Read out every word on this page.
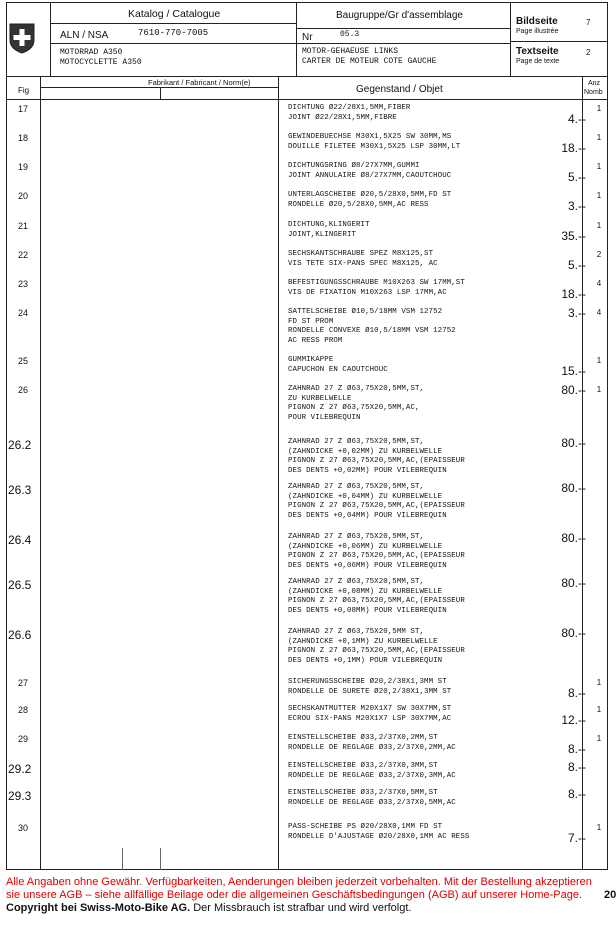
Katalog / Catalogue
ALN / NSA	7610-770-7005
MOTORRAD A350
MOTOCYCLETTE A350
Baugruppe/Gr d'assemblage
Nr	05.3
MOTOR-GEHAEUSE LINKS
CARTER DE MOTEUR COTE GAUCHE
Bildseite
Page illustrée
7
Textseite
Page de texte
2
Fig
Fabrikant / Fabricant / Norm(e)
Gegenstand / Objet
Anz
Nomb
17	DICHTUNG Ø22/28X1,5MM,FIBER
JOINT Ø22/28X1,5MM,FIBRE	4.--
1
18	GEWINDEBUECHSE M30X1,5X25 SW 30MM,MS
DOUILLE FILETEE M30X1,5X25 LSP 30MM,LT	18.--
1
19	DICHTUNGSRING Ø8/27X7MM,GUMMI
JOINT ANNULAIRE Ø8/27X7MM,CAOUTCHOUC	5.--
1
20	UNTERLAGSCHEIBE Ø20,5/28X0,5MM,FD ST
RONDELLE Ø20,5/28X0,5MM,AC RESS	3.--
1
21	DICHTUNG,KLINGERIT
JOINT,KLINGERIT	35.--
1
22	SECHSKANTSCHRAUBE SPEZ M8X125,ST
VIS TETE SIX-PANS SPEC M8X125, AC	5.--
2
23	BEFESTIGUNGSSCHRAUBE M10X263 SW 17MM,ST
VIS DE FIXATION M10X263 LSP 17MM,AC	18.--
4
24	SATTELSCHEIBE Ø10,5/18MM VSM 12752
FD ST PROM
RONDELLE CONVEXE Ø10,5/18MM VSM 12752
AC RESS PROM
3.--	4
25	GUMMIKAPPE
CAPUCHON EN CAOUTCHOUC	15.--
1
26	ZAHNRAD 27 Z Ø63,75X20,5MM,ST,
ZU KURBELWELLE
PIGNON Z 27 Ø63,75X20,5MM,AC,
POUR VILEBREQUIN
80.--	1
26.2	ZAHNRAD 27 Z Ø63,75X20,5MM,ST,
(ZAHNDICKE +0,02MM) ZU KURBELWELLE
PIGNON Z 27 Ø63,75X20,5MM,AC,(EPAISSEUR
DES DENTS +0,02MM) POUR VILEBREQUIN
80.--
26.3	ZAHNRAD 27 Z Ø63,75X20,5MM,ST,
(ZAHNDICKE +0,04MM) ZU KURBELWELLE
PIGNON Z 27 Ø63,75X20,5MM,AC,(EPAISSEUR
DES DENTS +0,04MM) POUR VILEBREQUIN
80.--
26.4	ZAHNRAD 27 Z Ø63,75X20,5MM,ST,
(ZAHNDICKE +0,06MM) ZU KURBELWELLE
PIGNON Z 27 Ø63,75X20,5MM,AC,(EPAISSEUR
DES DENTS +0,06MM) POUR VILEBREQUIN
80.--
26.5	ZAHNRAD 27 Z Ø63,75X20,5MM,ST,
(ZAHNDICKE +0,08MM) ZU KURBELWELLE
PIGNON Z 27 Ø63,75X20,5MM,AC,(EPAISSEUR
DES DENTS +0,08MM) POUR VILEBREQUIN
80.--
26.6	ZAHNRAD 27 Z Ø63,75X20,5MM ST,
(ZAHNDICKE +0,1MM) ZU KURBELWELLE
PIGNON Z 27 Ø63,75X20,5MM,AC,(EPAISSEUR
DES DENTS +0,1MM) POUR VILEBREQUIN
80.--
27	SICHERUNGSSCHEIBE Ø20,2/38X1,3MM ST
RONDELLE DE SURETE Ø20,2/38X1,3MM ST	8.--
1
28	SECHSKANTMUTTER M20X1X7 SW 30X7MM,ST
ECROU SIX-PANS M20X1X7 LSP 30X7MM,AC	12.--
1
29	EINSTELLSCHEIBE Ø33,2/37X0,2MM,ST
RONDELLE DE REGLAGE Ø33,2/37X0,2MM,AC	8.--
1
29.2	EINSTELLSCHEIBE Ø33,2/37X0,3MM,ST
RONDELLE DE REGLAGE Ø33,2/37X0,3MM,AC
8.--
29.3	EINSTELLSCHEIBE Ø33,2/37X0,5MM,ST
RONDELLE DE REGLAGE Ø33,2/37X0,5MM,AC
8.--
30	PASS-SCHEIBE PS Ø20/28X0,1MM FD ST
RONDELLE D'AJUSTAGE Ø20/28X0,1MM AC RESS	7.--
1
Alle Angaben ohne Gewähr. Verfügbarkeiten, Aenderungen bleiben jederzeit vorbehalten. Mit der Bestellung akzeptieren sie unsere AGB – siehe allfällige Beilage oder die allgemeinen Geschäftsbedingungen (AGB) auf unserer Home-Page. Copyright bei Swiss-Moto-Bike AG. Der Missbrauch ist strafbar und wird verfolgt.
20
